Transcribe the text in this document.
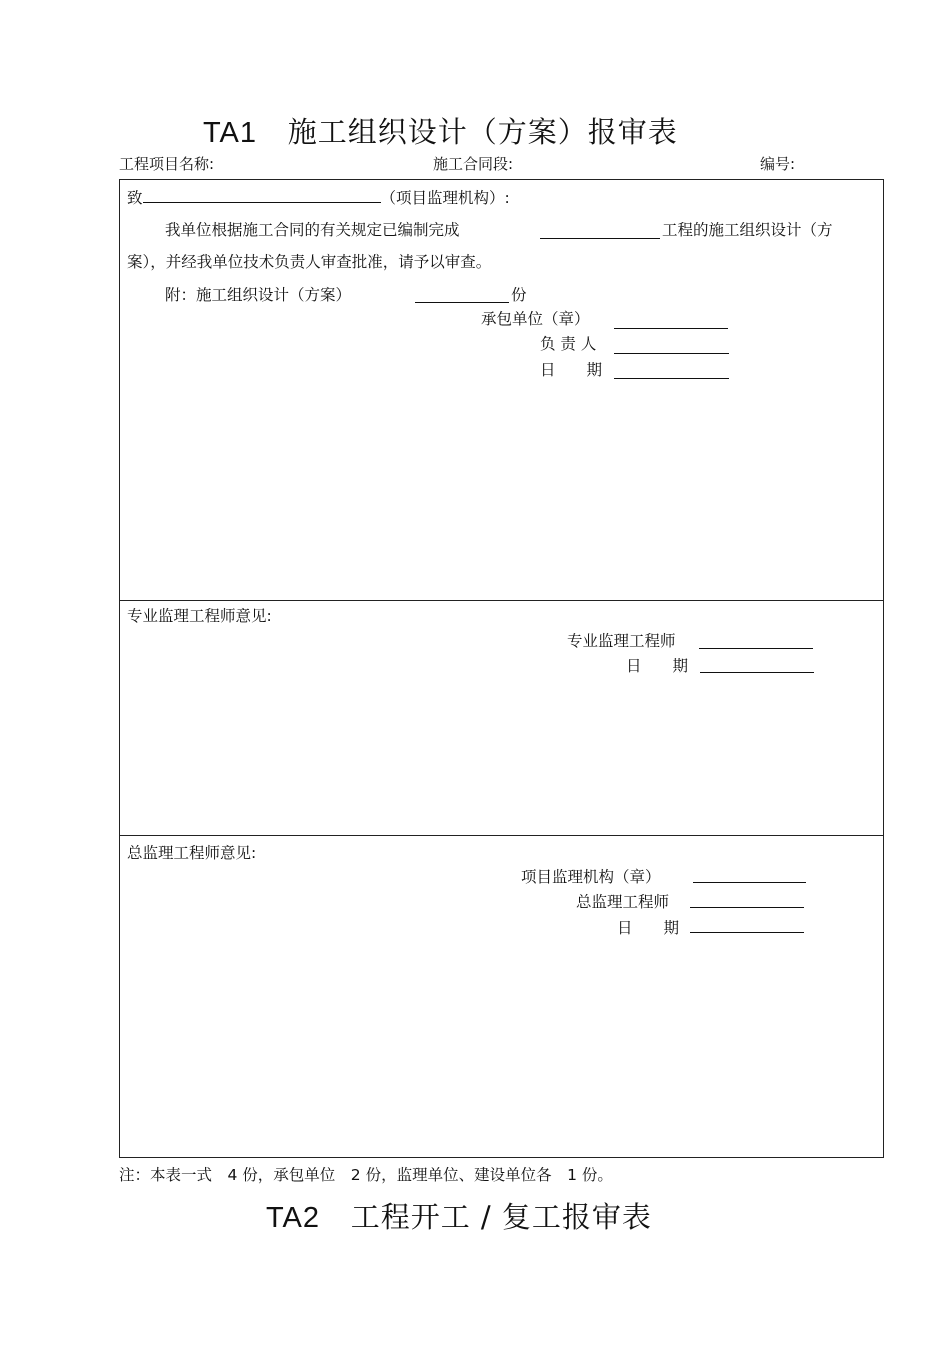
TA1 施工组织设计（方案）报审表
工程项目名称:	施工合同段:	编号:
致	（项目监理机构）:
我单位根据施工合同的有关规定已编制完成	工程的施工组织设计（方
案），并经我单位技术负责人审查批准，请予以审查。
附：施工组织设计（方案）	份
承包单位（章）
负 责 人
日　　期
专业监理工程师意见:
专业监理工程师
日　　期
总监理工程师意见:
项目监理机构（章）
总监理工程师
日　　期
注：本表一式　4 份，承包单位　2 份，监理单位、建设单位各　1 份。
TA2 工程开工 / 复工报审表
